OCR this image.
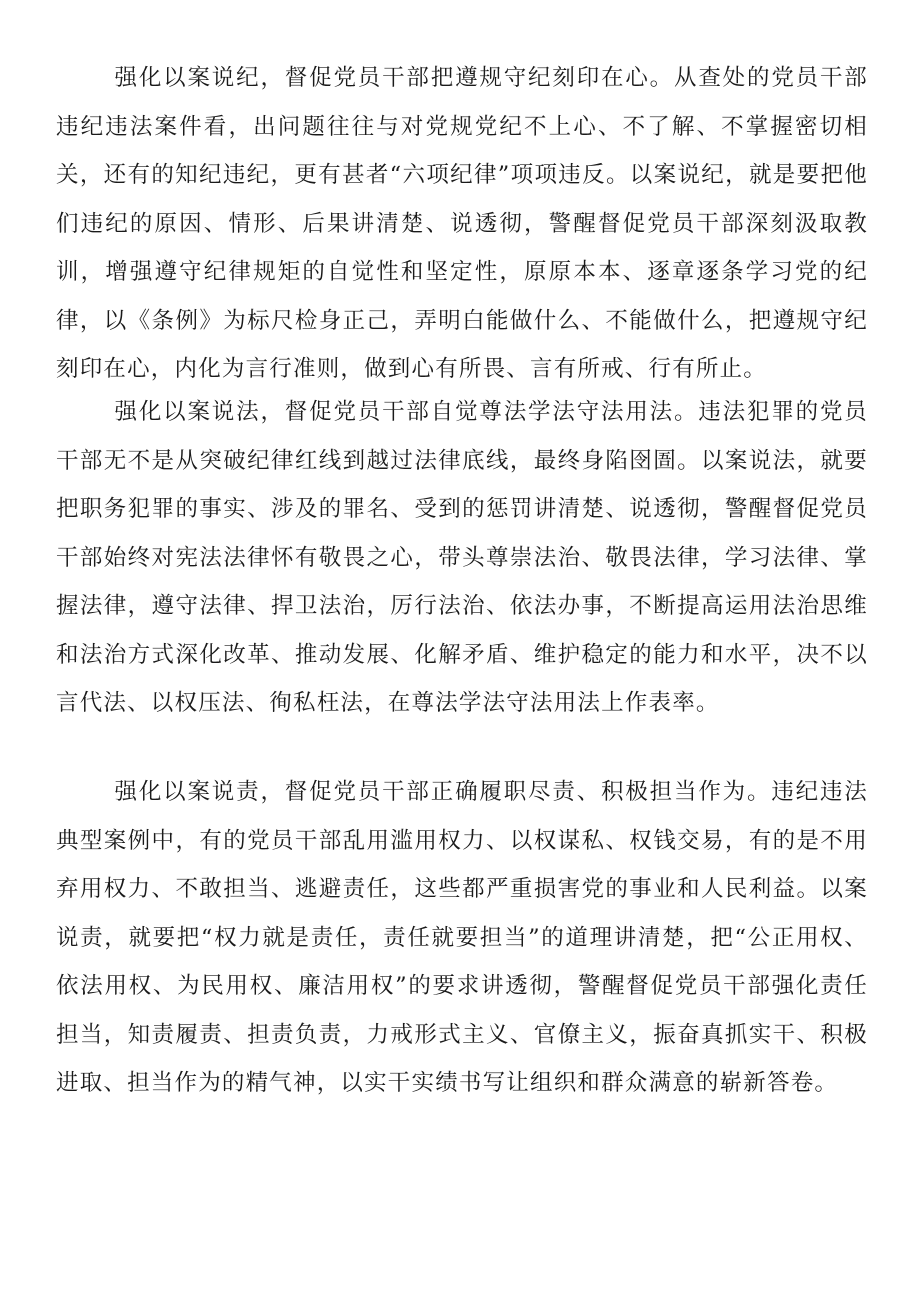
强化以案说纪，督促党员干部把遵规守纪刻印在心。从查处的党员干部违纪违法案件看，出问题往往与对党规党纪不上心、不了解、不掌握密切相关，还有的知纪违纪，更有甚者“六项纪律”项项违反。以案说纪，就是要把他们违纪的原因、情形、后果讲清楚、说透彻，警醒督促党员干部深刻汲取教训，增强遵守纪律规矩的自觉性和坚定性，原原本本、逐章逐条学习党的纪律，以《条例》为标尺检身正己，弄明白能做什么、不能做什么，把遵规守纪刻印在心，内化为言行准则，做到心有所畏、言有所戒、行有所止。

强化以案说法，督促党员干部自觉尊法学法守法用法。违法犯罪的党员干部无不是从突破纪律红线到越过法律底线，最终身陷囹圄。以案说法，就要把职务犯罪的事实、涉及的罪名、受到的惩罚讲清楚、说透彻，警醒督促党员干部始终对宪法法律怀有敬畏之心，带头尊崇法治、敬畏法律，学习法律、掌握法律，遵守法律、捍卫法治，厉行法治、依法办事，不断提高运用法治思维和法治方式深化改革、推动发展、化解矛盾、维护稳定的能力和水平，决不以言代法、以权压法、徇私枉法，在尊法学法守法用法上作表率。

强化以案说责，督促党员干部正确履职尽责、积极担当作为。违纪违法典型案例中，有的党员干部乱用滥用权力、以权谋私、权钱交易，有的是不用弃用权力、不敢担当、逃避责任，这些都严重损害党的事业和人民利益。以案说责，就要把“权力就是责任，责任就要担当”的道理讲清楚，把“公正用权、依法用权、为民用权、廉洁用权”的要求讲透彻，警醒督促党员干部强化责任担当，知责履责、担责负责，力戒形式主义、官僚主义，振奋真抓实干、积极进取、担当作为的精气神，以实干实绩书写让组织和群众满意的崭新答卷。
